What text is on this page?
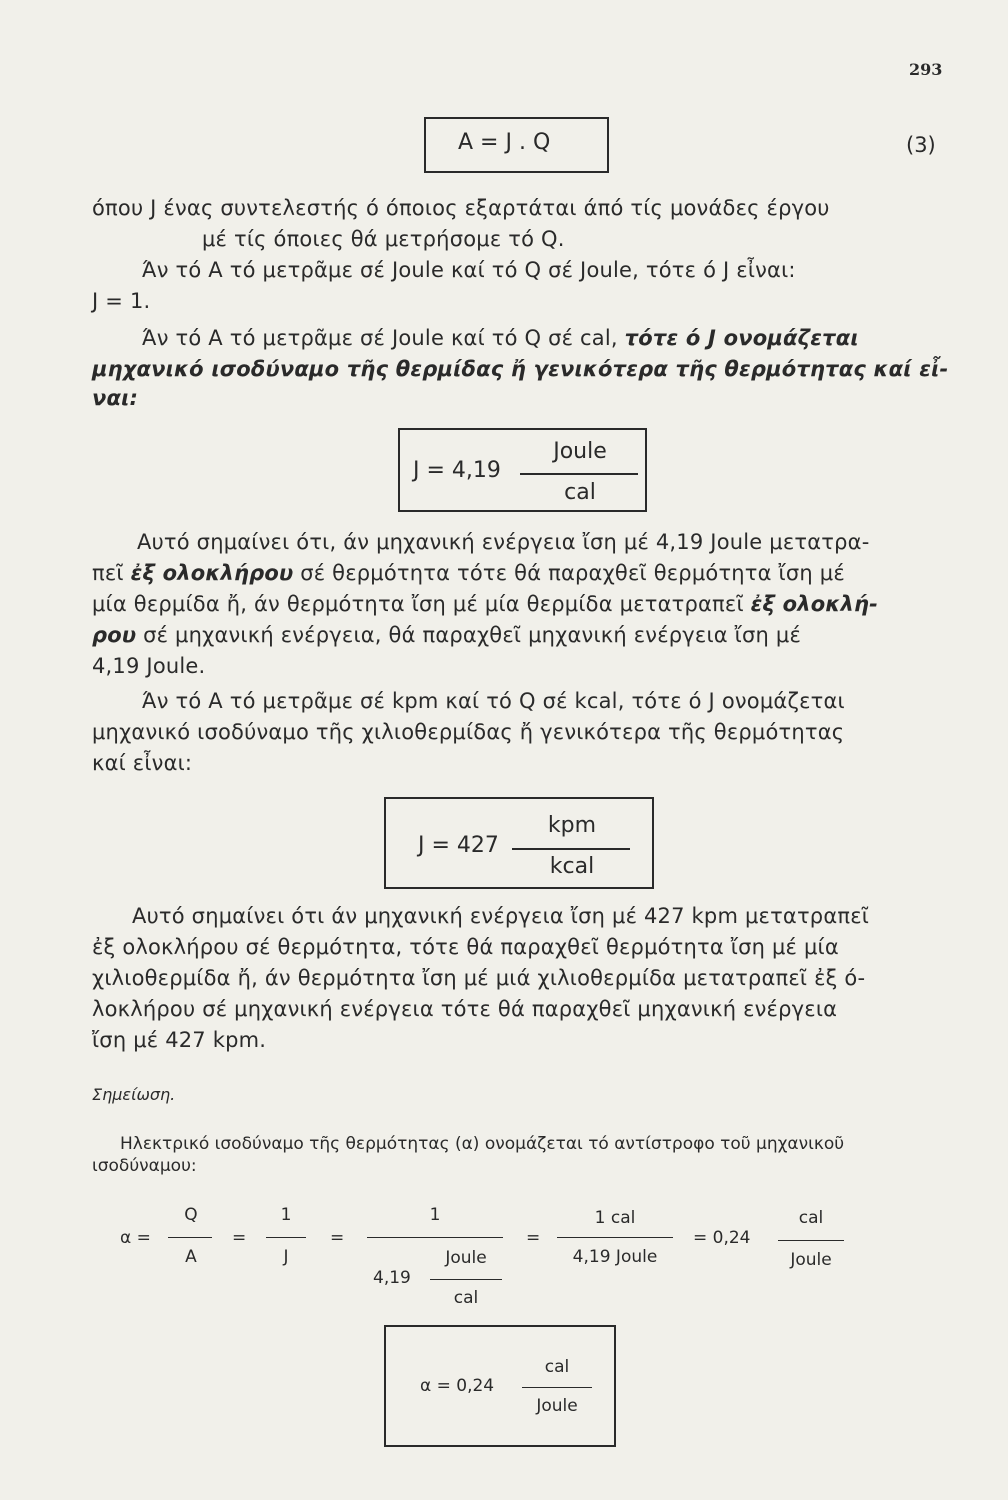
293
A = J . Q	(3)
όπου J ένας συντελεστής ό όποιος εξαρτάται άπό τίς μονάδες έργου
μέ τίς όποιες θά μετρήσομε τό Q.
Άν τό Α τό μετρᾶμε σέ Joule καί τό Q σέ Joule, τότε ό J εἶναι:
J = 1.
Άν τό Α τό μετρᾶμε σέ Joule καί τό Q σέ cal, τότε ό J ονομάζεται
μηχανικό ισοδύναμο τῆς θερμίδας ἤ γενικότερα τῆς θερμότητας καί εἶ-
ναι:
J = 4,19
Joule
cal
Αυτό σημαίνει ότι, άν μηχανική ενέργεια ἴση μέ 4,19 Joule μετατρα-
πεῖ ἐξ ολοκλήρου σέ θερμότητα τότε θά παραχθεῖ θερμότητα ἴση μέ
μία θερμίδα ἤ, άν θερμότητα ἴση μέ μία θερμίδα μετατραπεῖ ἐξ ολοκλή-
ρου σέ μηχανική ενέργεια, θά παραχθεῖ μηχανική ενέργεια ἴση μέ
4,19 Joule.
Άν τό Α τό μετρᾶμε σέ kpm καί τό Q σέ kcal, τότε ό J ονομάζεται
μηχανικό ισοδύναμο τῆς χιλιοθερμίδας ἤ γενικότερα τῆς θερμότητας
καί εἶναι:
J = 427
kpm
kcal
Αυτό σημαίνει ότι άν μηχανική ενέργεια ἴση μέ 427 kpm μετατραπεῖ
ἐξ ολοκλήρου σέ θερμότητα, τότε θά παραχθεῖ θερμότητα ἴση μέ μία
χιλιοθερμίδα ἤ, άν θερμότητα ἴση μέ μιά χιλιοθερμίδα μετατραπεῖ ἐξ ό-
λοκλήρου σέ μηχανική ενέργεια τότε θά παραχθεῖ μηχανική ενέργεια
ἴση μέ 427 kpm.
Σημείωση.
Ηλεκτρικό ισοδύναμο τῆς θερμότητας (α) ονομάζεται τό αντίστροφο τοῦ μηχανικοῦ
ισοδύναμου:
α =
Q
A
=
1
J
=
1
Joule
4,19
cal
=
1 cal
4,19 Joule
= 0,24
cal
Joule
α = 0,24
cal
Joule
